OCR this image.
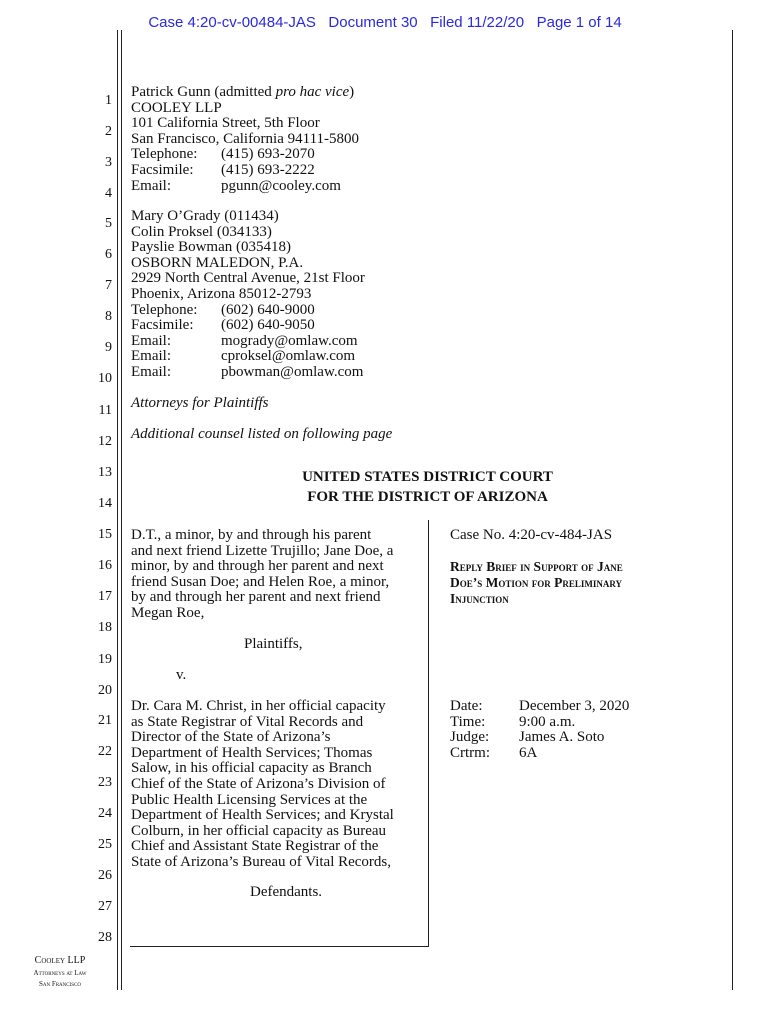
Case 4:20-cv-00484-JAS   Document 30   Filed 11/22/20   Page 1 of 14
1
2
3
4
5
6
7
8
9
10
11
12
13
14
15
16
17
18
19
20
21
22
23
24
25
26
27
28
Patrick Gunn (admitted pro hac vice)
COOLEY LLP
101 California Street, 5th Floor
San Francisco, California 94111-5800
Telephone:	(415) 693-2070
Facsimile:	(415) 693-2222
Email:	pgunn@cooley.com
Mary O’Grady (011434)
Colin Proksel (034133)
Payslie Bowman (035418)
OSBORN MALEDON, P.A.
2929 North Central Avenue, 21st Floor
Phoenix, Arizona 85012-2793
Telephone:	(602) 640-9000
Facsimile:	(602) 640-9050
Email:	mogrady@omlaw.com
Email:	cproksel@omlaw.com
Email:	pbowman@omlaw.com
Attorneys for Plaintiffs
Additional counsel listed on following page
UNITED STATES DISTRICT COURT
FOR THE DISTRICT OF ARIZONA
D.T., a minor, by and through his parent
and next friend Lizette Trujillo; Jane Doe, a
minor, by and through her parent and next
friend Susan Doe; and Helen Roe, a minor,
by and through her parent and next friend
Megan Roe,
Plaintiffs,
v.
Dr. Cara M. Christ, in her official capacity
as State Registrar of Vital Records and
Director of the State of Arizona’s
Department of Health Services; Thomas
Salow, in his official capacity as Branch
Chief of the State of Arizona’s Division of
Public Health Licensing Services at the
Department of Health Services; and Krystal
Colburn, in her official capacity as Bureau
Chief and Assistant State Registrar of the
State of Arizona’s Bureau of Vital Records,
Defendants.
Case No. 4:20-cv-484-JAS
Reply Brief in Support of Jane
Doe’s Motion for Preliminary
Injunction
Date:	December 3, 2020
Time:	9:00 a.m.
Judge:	James A. Soto
Crtrm:	6A
Cooley LLP
Attorneys at Law
San Francisco
